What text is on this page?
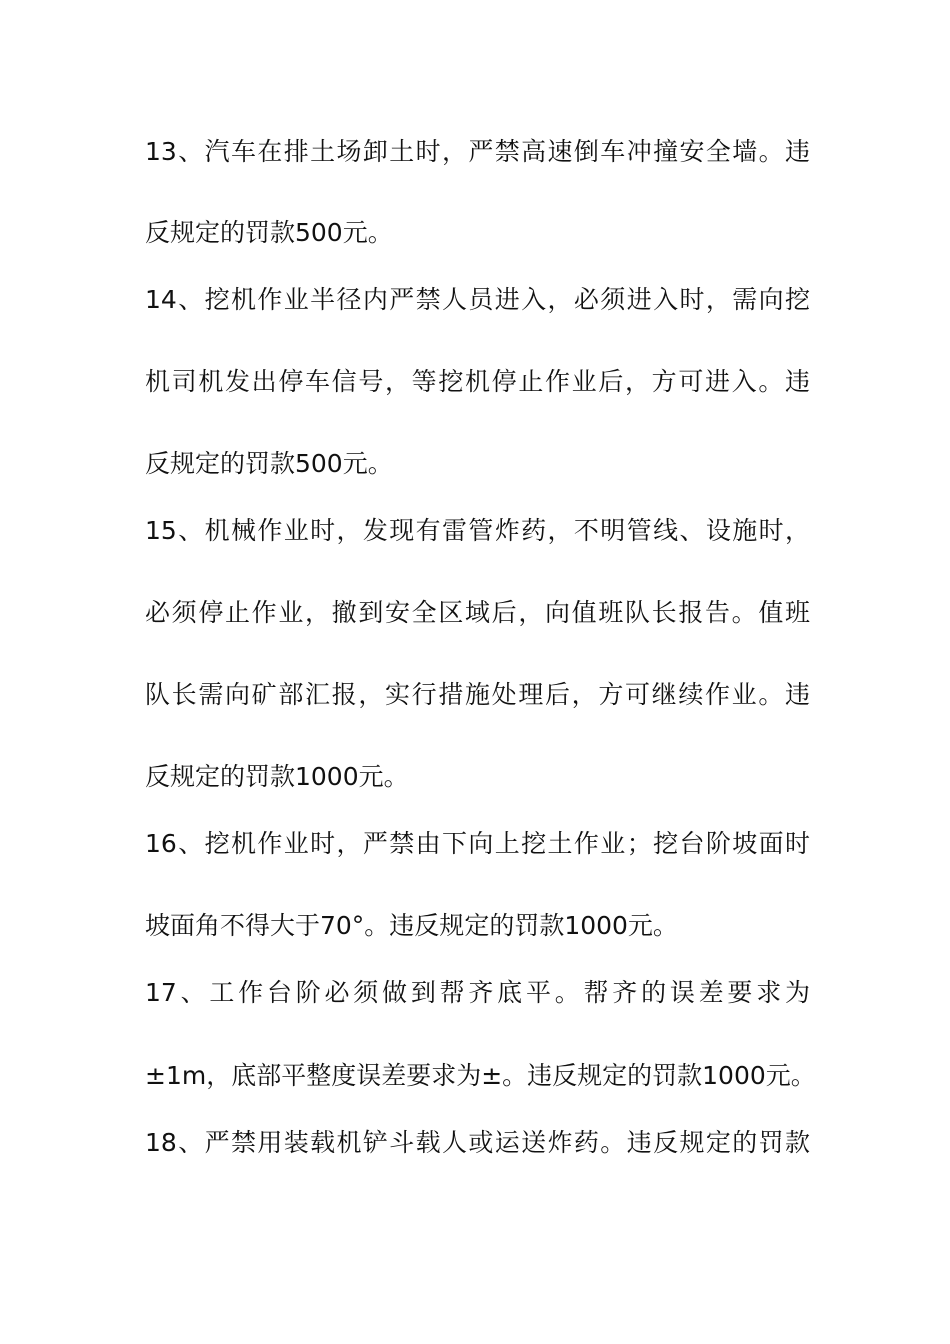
13、汽车在排土场卸土时，严禁高速倒车冲撞安全墙。违
反规定的罚款500元。
14、挖机作业半径内严禁人员进入，必须进入时，需向挖
机司机发出停车信号，等挖机停止作业后，方可进入。违
反规定的罚款500元。
15、机械作业时，发现有雷管炸药，不明管线、设施时，
必须停止作业，撤到安全区域后，向值班队长报告。值班
队长需向矿部汇报，实行措施处理后，方可继续作业。违
反规定的罚款1000元。
16、挖机作业时，严禁由下向上挖土作业；挖台阶坡面时
坡面角不得大于70°。违反规定的罚款1000元。
17、工作台阶必须做到帮齐底平。帮齐的误差要求为
±1m，底部平整度误差要求为±。违反规定的罚款1000元。
18、严禁用装载机铲斗载人或运送炸药。违反规定的罚款
